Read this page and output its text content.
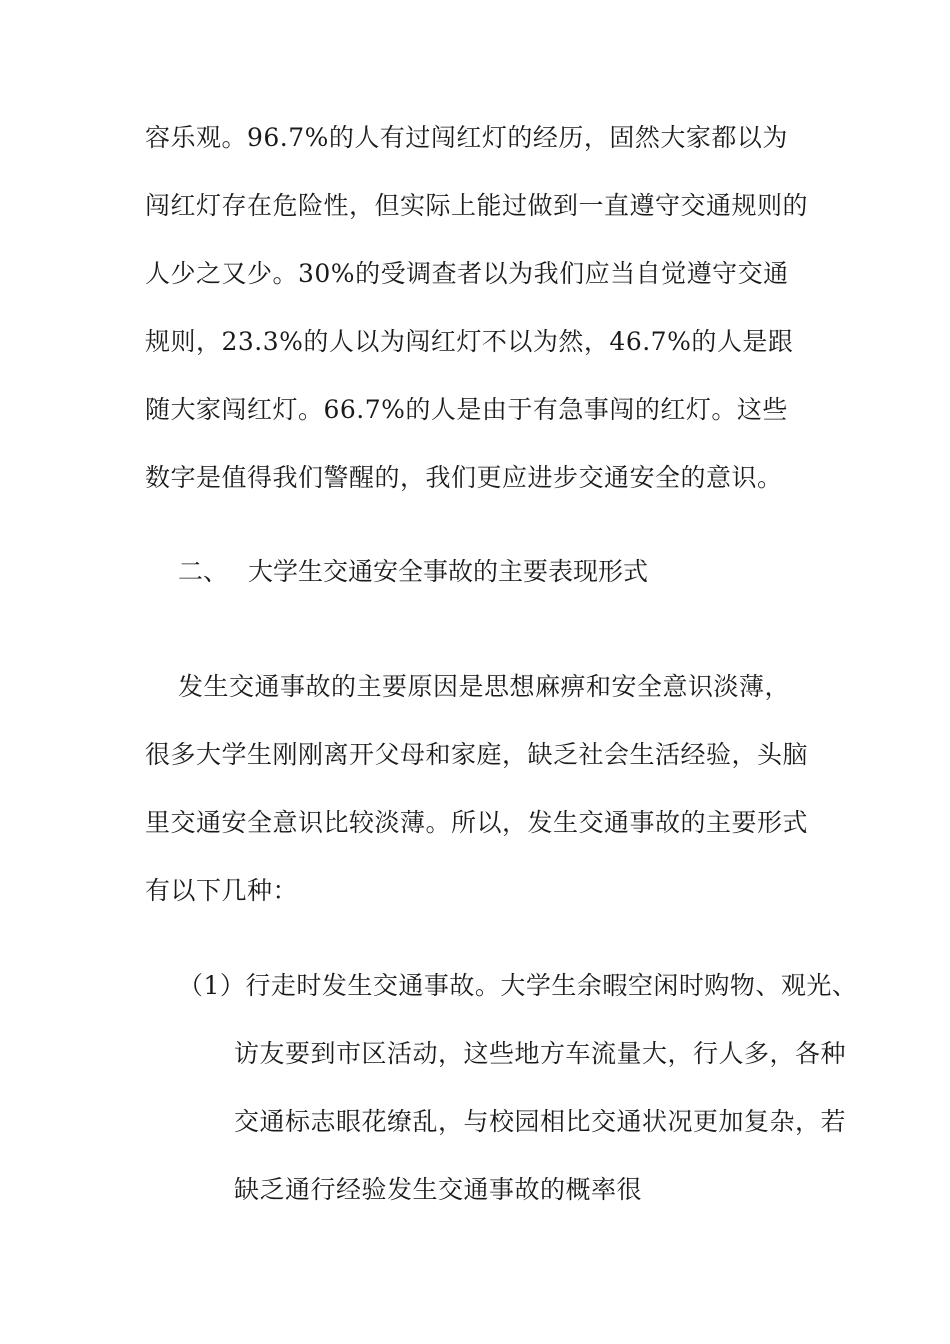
容乐观。96.7%的人有过闯红灯的经历，固然大家都以为闯红灯存在危险性，但实际上能过做到一直遵守交通规则的人少之又少。30%的受调查者以为我们应当自觉遵守交通规则，23.3%的人以为闯红灯不以为然，46.7%的人是跟随大家闯红灯。66.7%的人是由于有急事闯的红灯。这些数字是值得我们警醒的，我们更应进步交通安全的意识。
二、 大学生交通安全事故的主要表现形式
发生交通事故的主要原因是思想麻痹和安全意识淡薄，很多大学生刚刚离开父母和家庭，缺乏社会生活经验，头脑里交通安全意识比较淡薄。所以，发生交通事故的主要形式有以下几种：
（1）行走时发生交通事故。大学生余暇空闲时购物、观光、访友要到市区活动，这些地方车流量大，行人多，各种交通标志眼花缭乱，与校园相比交通状况更加复杂，若缺乏通行经验发生交通事故的概率很
